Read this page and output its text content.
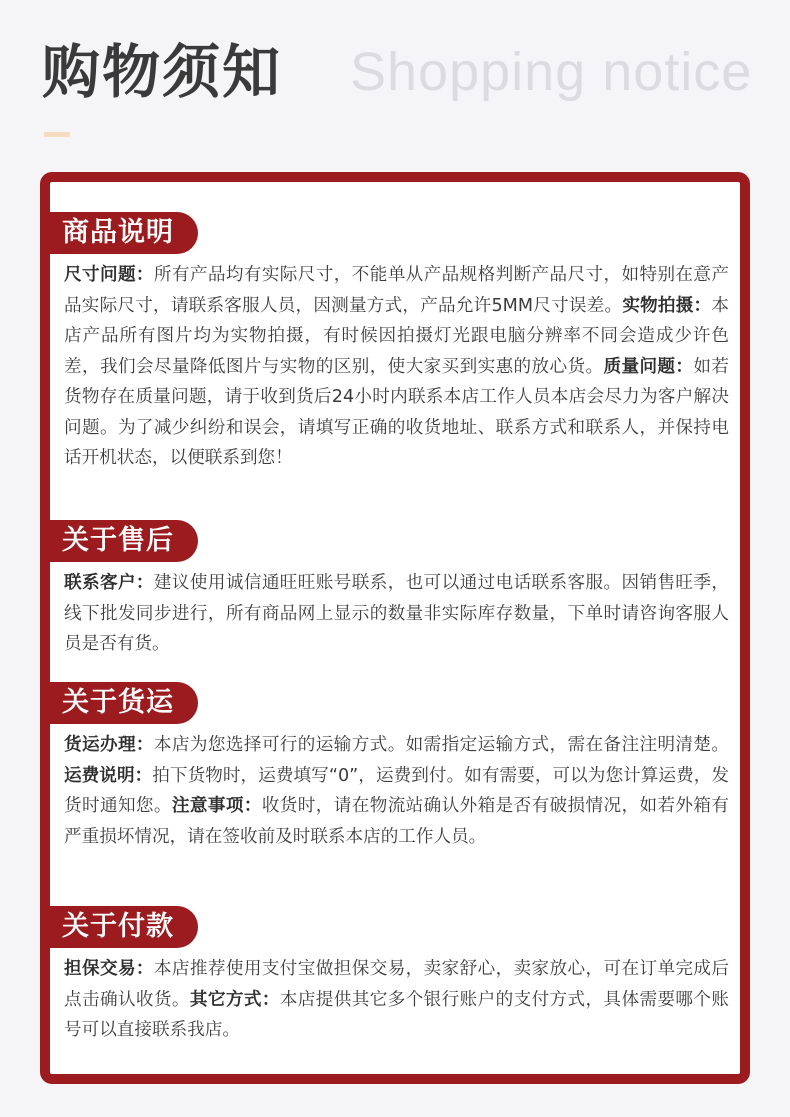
购物须知 Shopping notice
商品说明
尺寸问题：所有产品均有实际尺寸，不能单从产品规格判断产品尺寸，如特别在意产品实际尺寸，请联系客服人员，因测量方式，产品允许5MM尺寸误差。实物拍摄：本店产品所有图片均为实物拍摄，有时候因拍摄灯光跟电脑分辨率不同会造成少许色差，我们会尽量降低图片与实物的区别，使大家买到实惠的放心货。质量问题：如若货物存在质量问题，请于收到货后24小时内联系本店工作人员本店会尽力为客户解决问题。为了减少纠纷和误会，请填写正确的收货地址、联系方式和联系人，并保持电话开机状态，以便联系到您！
关于售后
联系客户：建议使用诚信通旺旺账号联系，也可以通过电话联系客服。因销售旺季，线下批发同步进行，所有商品网上显示的数量非实际库存数量，下单时请咨询客服人员是否有货。
关于货运
货运办理：本店为您选择可行的运输方式。如需指定运输方式，需在备注注明清楚。运费说明：拍下货物时，运费填写“0”，运费到付。如有需要，可以为您计算运费，发货时通知您。注意事项：收货时，请在物流站确认外箱是否有破损情况，如若外箱有严重损坏情况，请在签收前及时联系本店的工作人员。
关于付款
担保交易：本店推荐使用支付宝做担保交易，卖家舒心，卖家放心，可在订单完成后点击确认收货。其它方式：本店提供其它多个银行账户的支付方式，具体需要哪个账号可以直接联系我店。
